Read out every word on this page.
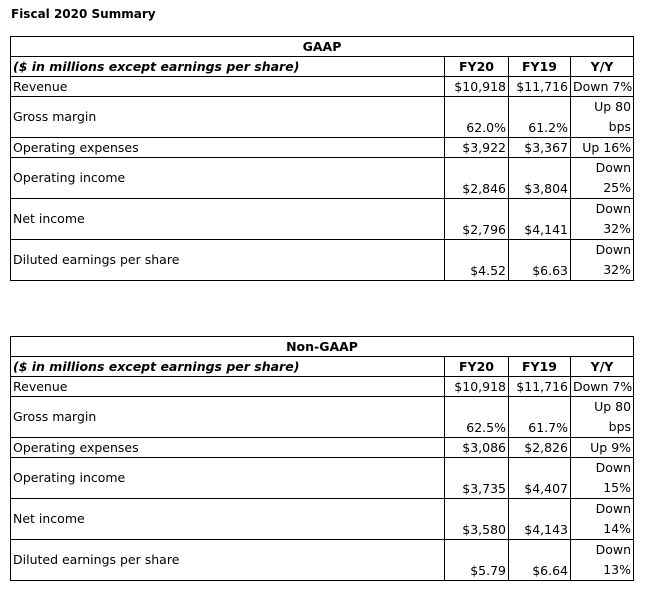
Fiscal 2020 Summary
GAAP			
($ in millions except earnings per share)	FY20	FY19	Y/Y
Revenue	$10,918	$11,716	Down 7%
Gross margin	62.0%	61.2%	Up 80 bps
Operating expenses	$3,922	$3,367	Up 16%
Operating income	$2,846	$3,804	Down 25%
Net income	$2,796	$4,141	Down 32%
Diluted earnings per share	$4.52	$6.63	Down 32%
Non-GAAP			
($ in millions except earnings per share)	FY20	FY19	Y/Y
Revenue	$10,918	$11,716	Down 7%
Gross margin	62.5%	61.7%	Up 80 bps
Operating expenses	$3,086	$2,826	Up 9%
Operating income	$3,735	$4,407	Down 15%
Net income	$3,580	$4,143	Down 14%
Diluted earnings per share	$5.79	$6.64	Down 13%
